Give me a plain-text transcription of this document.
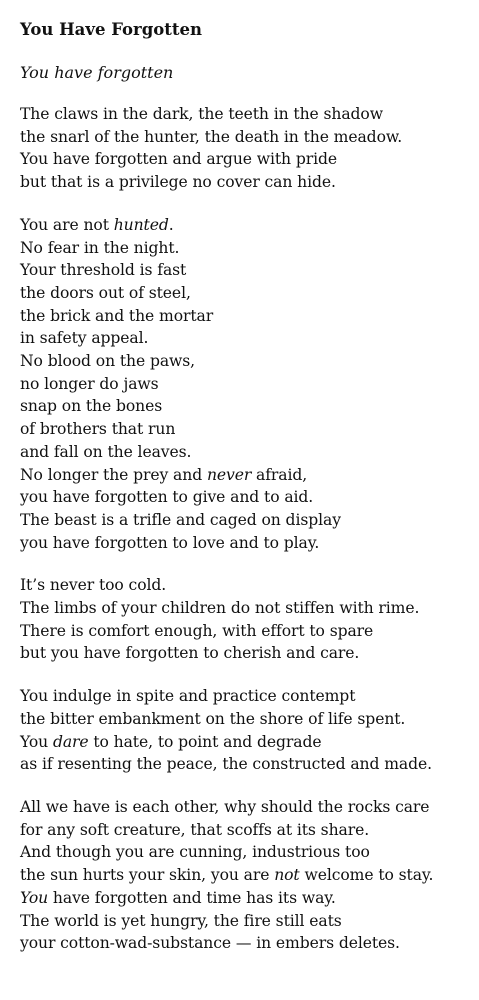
You Have Forgotten

You have forgotten

The claws in the dark, the teeth in the shadow
the snarl of the hunter, the death in the meadow.
You have forgotten and argue with pride
but that is a privilege no cover can hide.

You are not hunted.
No fear in the night.
Your threshold is fast
the doors out of steel,
the brick and the mortar
in safety appeal.
No blood on the paws,
no longer do jaws
snap on the bones
of brothers that run
and fall on the leaves.
No longer the prey and never afraid,
you have forgotten to give and to aid.
The beast is a trifle and caged on display
you have forgotten to love and to play.

It’s never too cold.
The limbs of your children do not stiffen with rime.
There is comfort enough, with effort to spare
but you have forgotten to cherish and care.

You indulge in spite and practice contempt
the bitter embankment on the shore of life spent.
You dare to hate, to point and degrade
as if resenting the peace, the constructed and made.

All we have is each other, why should the rocks care
for any soft creature, that scoffs at its share.
And though you are cunning, industrious too
the sun hurts your skin, you are not welcome to stay.
You have forgotten and time has its way.
The world is yet hungry, the fire still eats
your cotton-wad-substance — in embers deletes.
